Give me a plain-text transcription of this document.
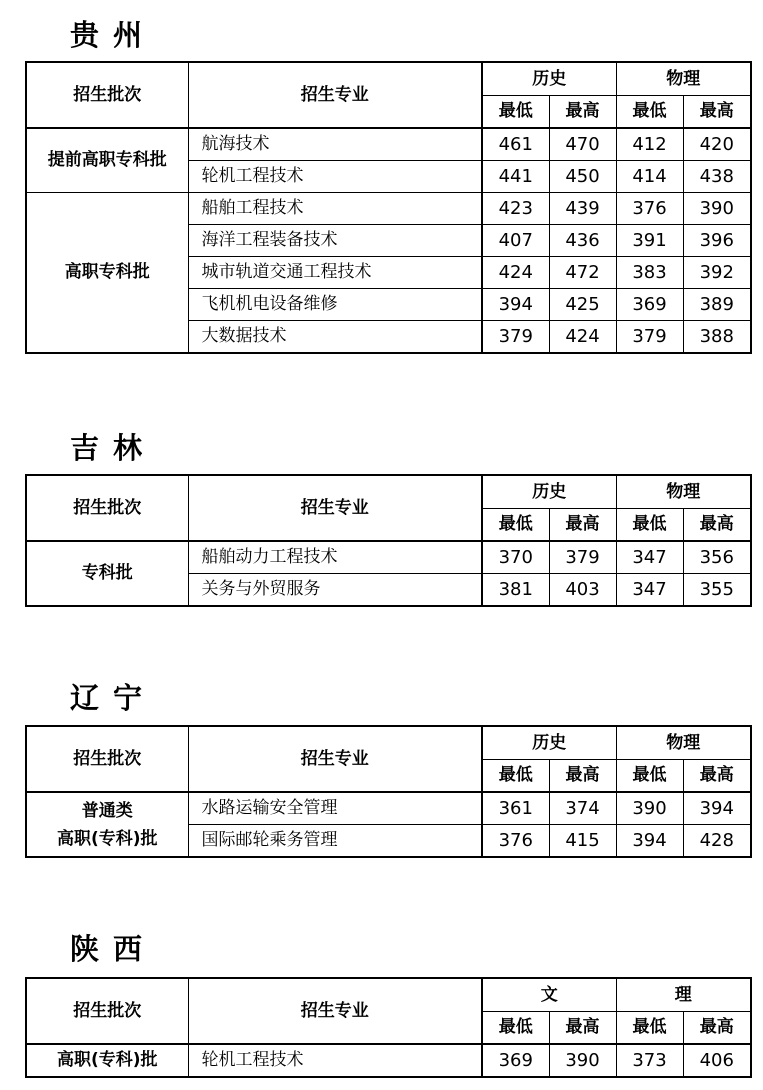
贵州
招生批次	招生专业	历史		物理	
		最低	最高	最低	最高
提前高职专科批	航海技术	461	470	412	420
	轮机工程技术	441	450	414	438
高职专科批	船舶工程技术	423	439	376	390
	海洋工程装备技术	407	436	391	396
	城市轨道交通工程技术	424	472	383	392
	飞机机电设备维修	394	425	369	389
	大数据技术	379	424	379	388
吉林
招生批次	招生专业	历史		物理	
		最低	最高	最低	最高
专科批	船舶动力工程技术	370	379	347	356
	关务与外贸服务	381	403	347	355
辽宁
招生批次	招生专业	历史		物理	
		最低	最高	最低	最高

普通类
高职(专科)批	水路运输安全管理	361	374	390	394
	国际邮轮乘务管理	376	415	394	428
陕西
招生批次	招生专业	文		理	
		最低	最高	最低	最高
高职(专科)批	轮机工程技术	369	390	373	406
